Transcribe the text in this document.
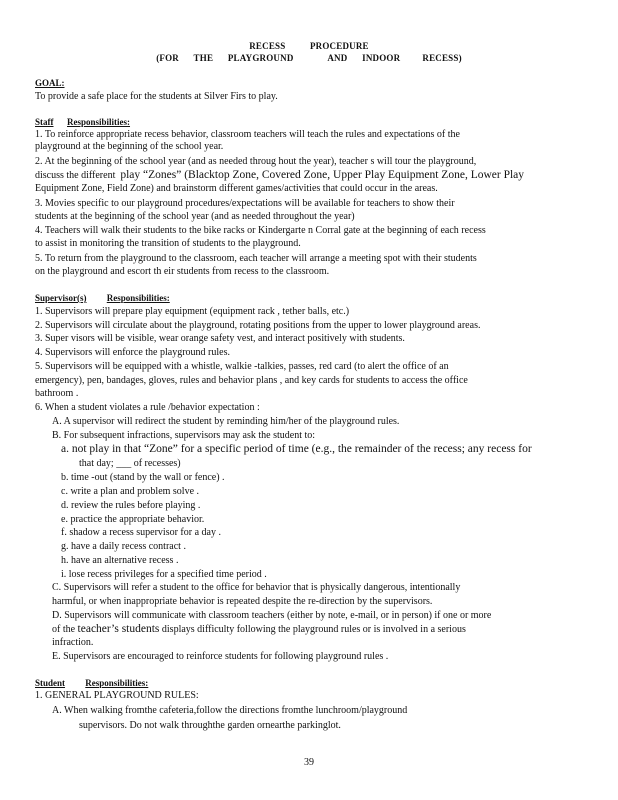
RECESS          PROCEDURE
(FOR      THE      PLAYGROUND              AND      INDOOR         RECESS)
GOAL:
To provide a safe place for the students at Silver Firs to play.
Staff Responsibilities:
1. To reinforce appropriate recess behavior, classroom teachers will teach the rules and expectations of the
playground at the beginning of the school year.
2. At the beginning of the school year (and as needed throug hout the year), teacher s will tour the playground,
discuss the different play “Zones” (Blacktop Zone, Covered Zone, Upper Play Equipment Zone, Lower Play
Equipment Zone, Field Zone) and brainstorm different games/activities that could occur in the areas.
3. Movies specific to our playground procedures/expectations will be available for teachers to show their
students at the beginning of the school year (and as needed throughout the year)
4. Teachers will walk their students to the bike racks or Kindergarte n Corral gate at the beginning of each recess
to assist in monitoring the transition of students to the playground.
5. To return from the playground to the classroom, each teacher will arrange a meeting spot with their students
on the playground and escort th eir students from recess to the classroom.
Supervisor(s) Responsibilities:
1. Supervisors will prepare play equipment (equipment rack , tether balls, etc.)
2. Supervisors will circulate about the playground, rotating positions from the upper to lower playground areas.
3. Super visors will be visible, wear orange safety vest, and interact positively with students.
4. Supervisors will enforce the playground rules.
5. Supervisors will be equipped with a whistle, walkie -talkies, passes, red card (to alert the office of an
emergency), pen, bandages, gloves, rules and behavior plans , and key cards for students to access the office
bathroom .
6. When a student violates a rule /behavior expectation :
A. A supervisor will redirect the student by reminding him/her of the playground rules.
B. For subsequent infractions, supervisors may ask the student to:
a. not play in that “Zone” for a specific period of time (e.g., the remainder of the recess; any recess for
that day; ___ of recesses)
b. time -out (stand by the wall or fence) .
c. write a plan and problem solve .
d. review the rules before playing .
e. practice the appropriate behavior.
f. shadow a recess supervisor for a day .
g. have a daily recess contract .
h. have an alternative recess .
i. lose recess privileges for a specified time period .
C. Supervisors will refer a student to the office for behavior that is physically dangerous, intentionally
harmful, or when inappropriate behavior is repeated despite the re-direction by the supervisors.
D. Supervisors will communicate with classroom teachers (either by note, e-mail, or in person) if one or more
of the teacher’s students displays difficulty following the playground rules or is involved in a serious
infraction.
E. Supervisors are encouraged to reinforce students for following playground rules .
Student Responsibilities:
1. GENERAL PLAYGROUND RULES:
A. When walking fromthe cafeteria,follow the directions fromthe lunchroom/playground
supervisors. Do not walk throughthe garden ornearthe parkinglot.
39
